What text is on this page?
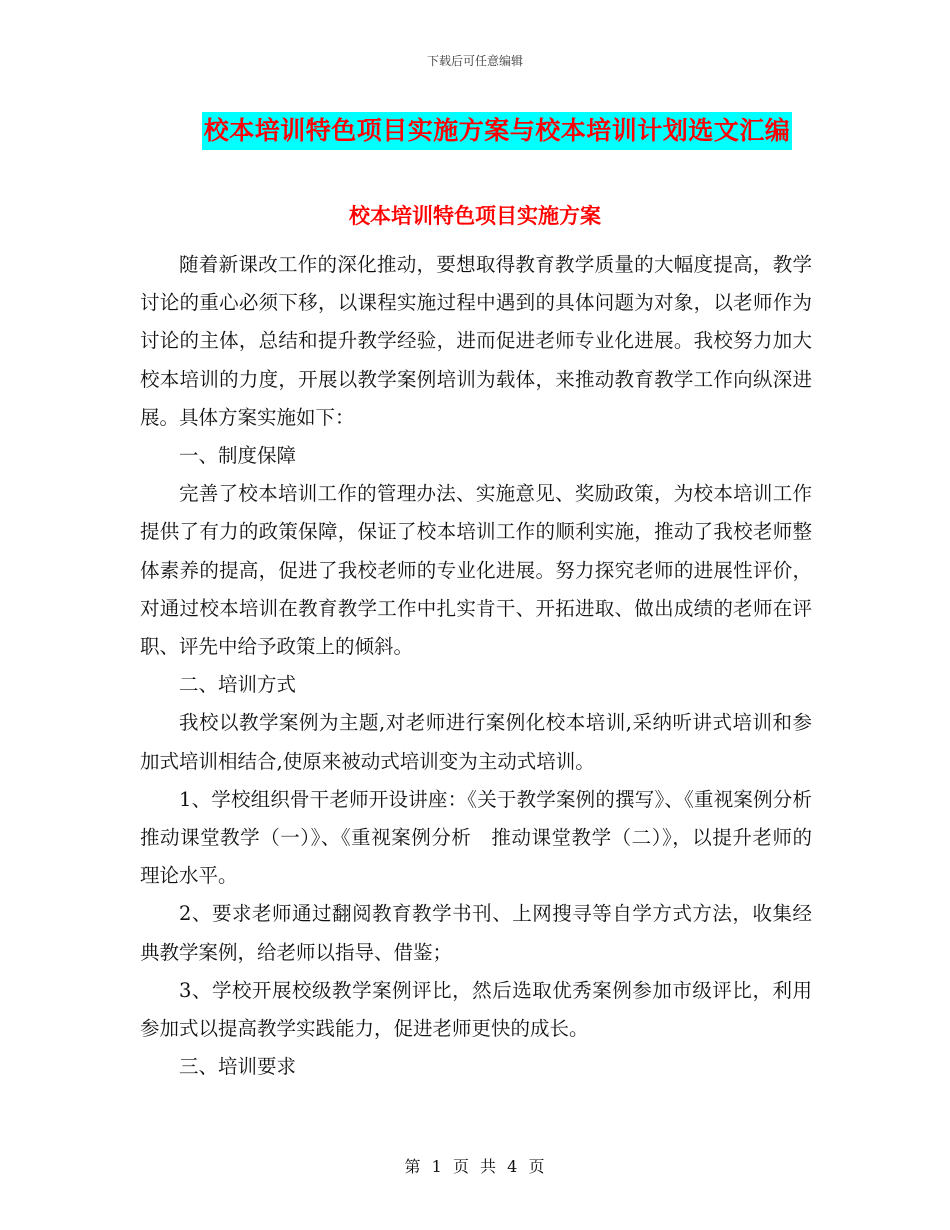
下载后可任意编辑
校本培训特色项目实施方案与校本培训计划选文汇编
校本培训特色项目实施方案

随着新课改工作的深化推动，要想取得教育教学质量的大幅度提高，教学讨论的重心必须下移，以课程实施过程中遇到的具体问题为对象，以老师作为讨论的主体，总结和提升教学经验，进而促进老师专业化进展。我校努力加大校本培训的力度，开展以教学案例培训为载体，来推动教育教学工作向纵深进展。具体方案实施如下：

一、制度保障

完善了校本培训工作的管理办法、实施意见、奖励政策，为校本培训工作提供了有力的政策保障，保证了校本培训工作的顺利实施，推动了我校老师整体素养的提高，促进了我校老师的专业化进展。努力探究老师的进展性评价，对通过校本培训在教育教学工作中扎实肯干、开拓进取、做出成绩的老师在评职、评先中给予政策上的倾斜。

二、培训方式

我校以教学案例为主题,对老师进行案例化校本培训,采纳听讲式培训和参加式培训相结合,使原来被动式培训变为主动式培训。

1、学校组织骨干老师开设讲座：《关于教学案例的撰写》、《重视案例分析　推动课堂教学（一）》、《重视案例分析　推动课堂教学（二）》，以提升老师的理论水平。

2、要求老师通过翻阅教育教学书刊、上网搜寻等自学方式方法，收集经典教学案例，给老师以指导、借鉴；

3、学校开展校级教学案例评比，然后选取优秀案例参加市级评比，利用参加式以提高教学实践能力，促进老师更快的成长。

三、培训要求

第 1 页 共 4 页
